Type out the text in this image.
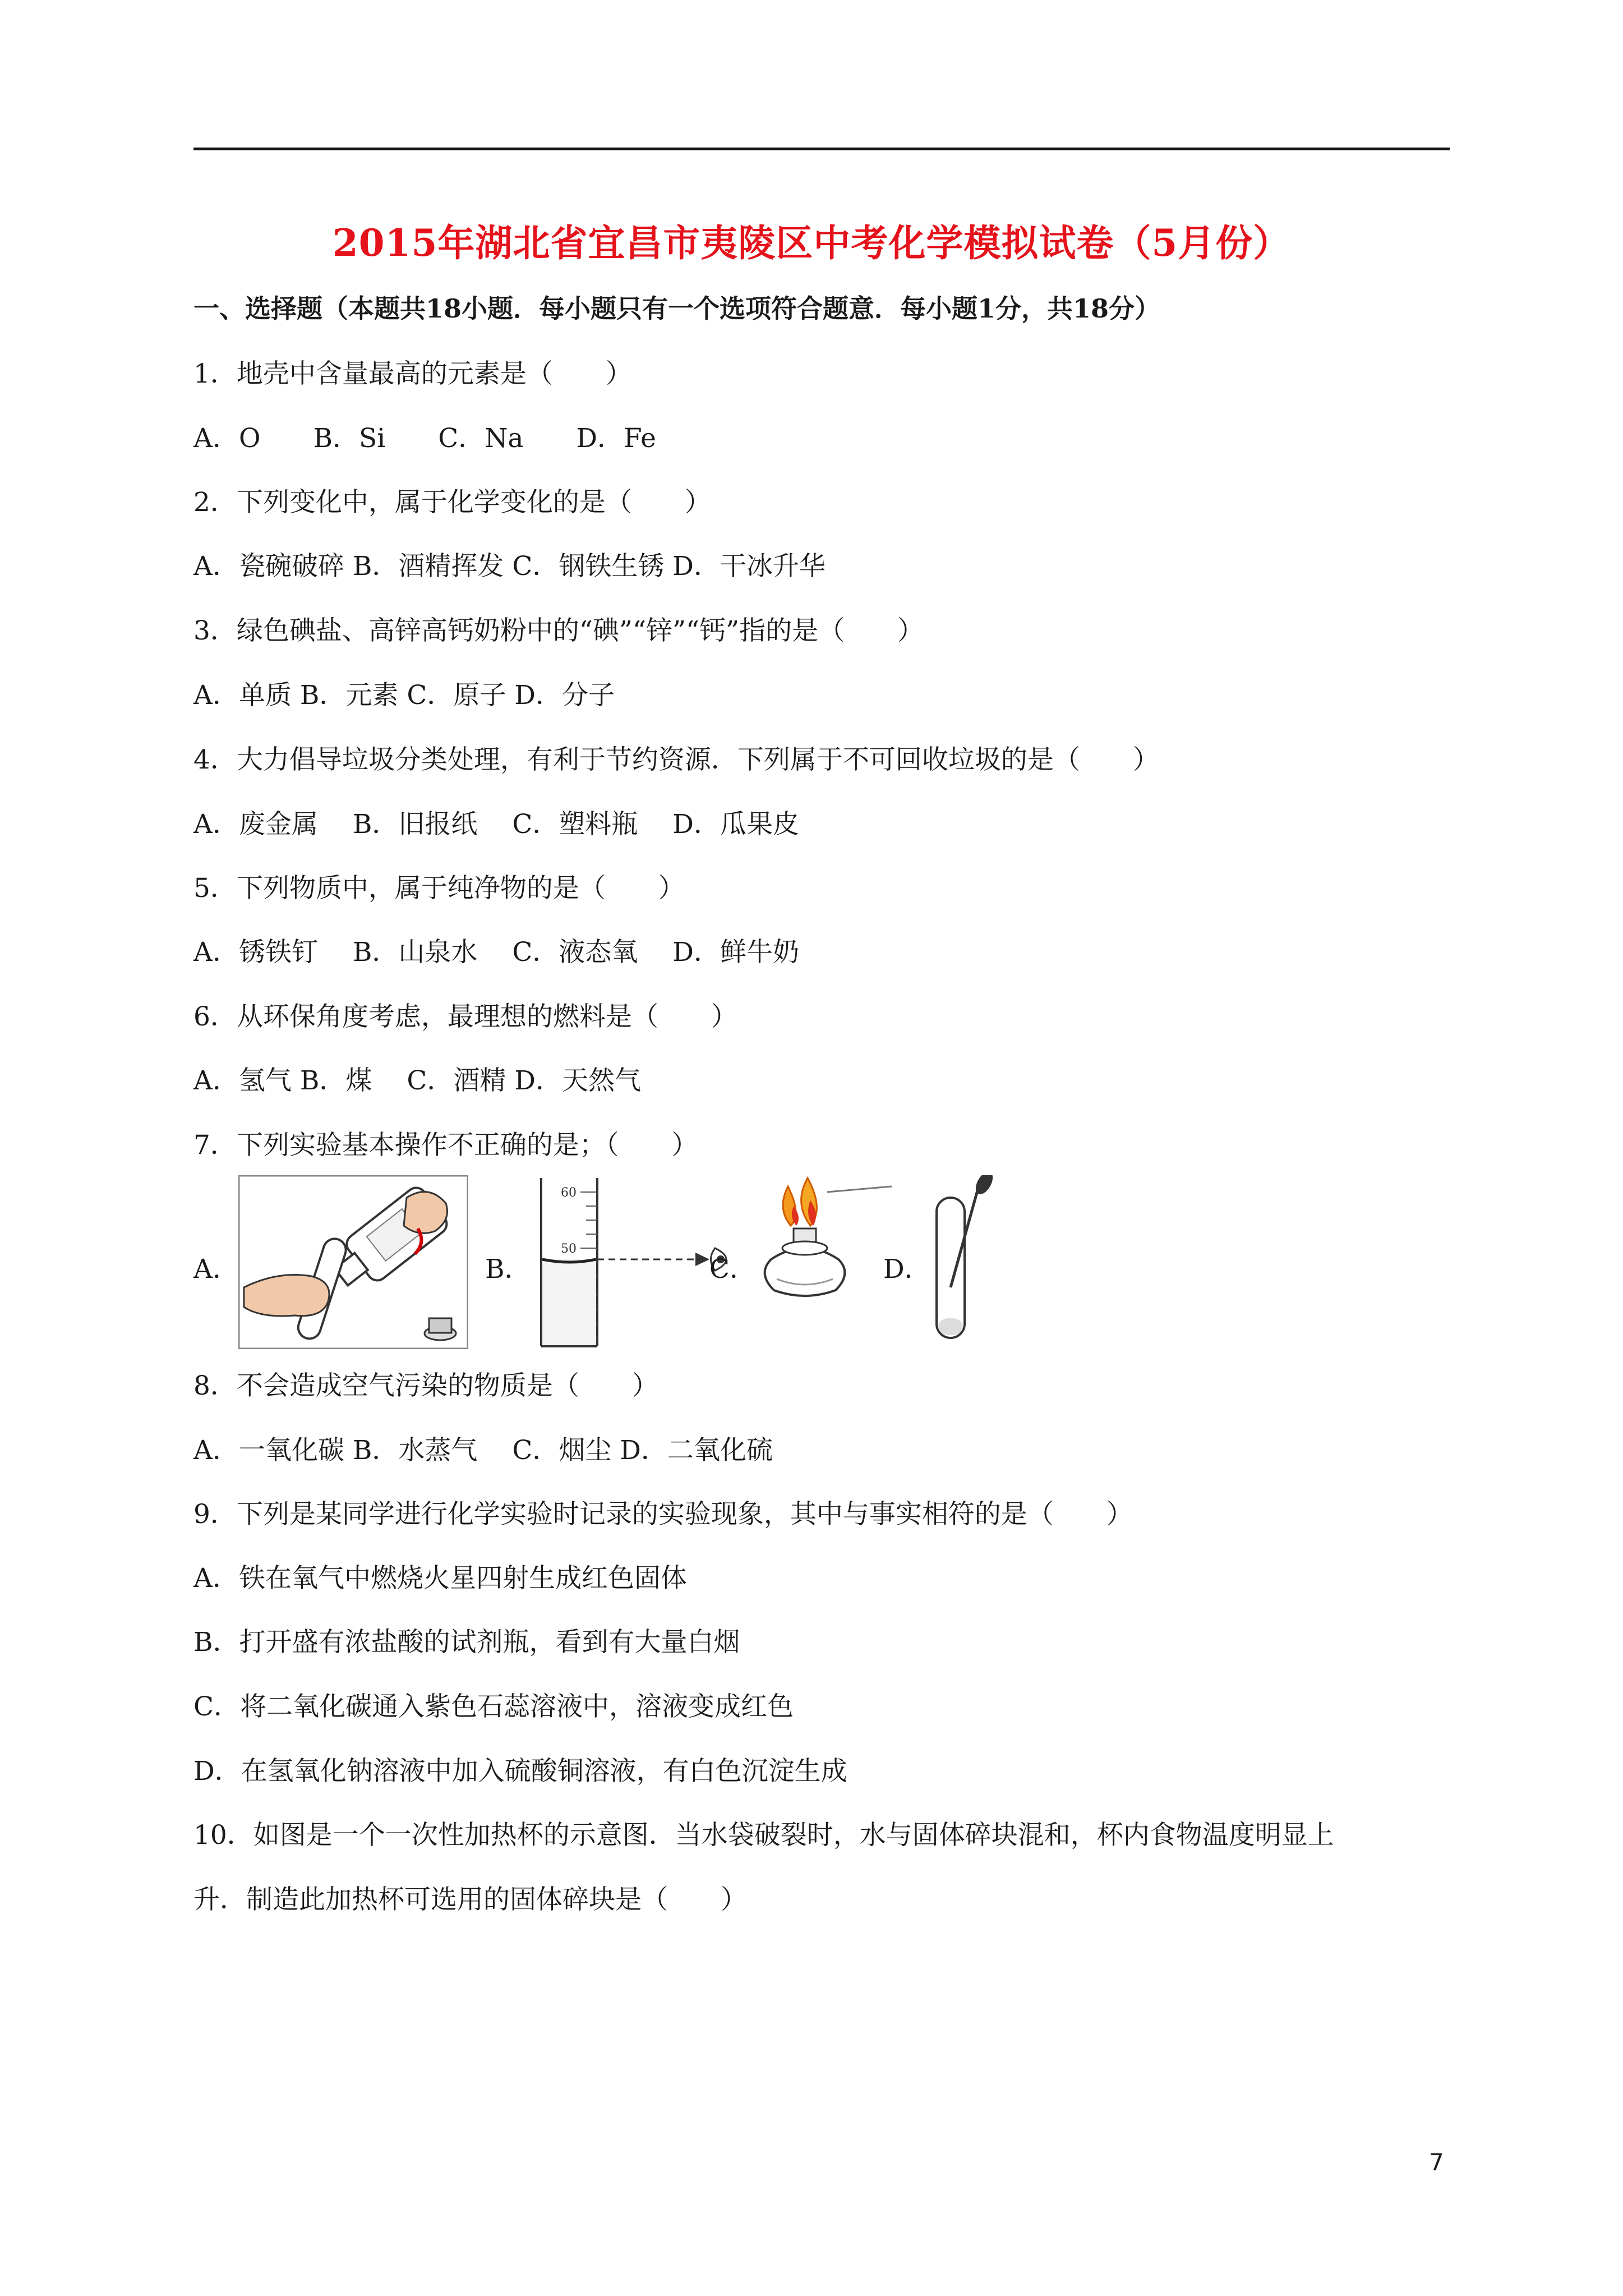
2015年湖北省宜昌市夷陵区中考化学模拟试卷（5月份）
一、选择题（本题共18小题．每小题只有一个选项符合题意．每小题1分，共18分）
1．地壳中含量最高的元素是（　　）
A．O　　B．Si　　C．Na　　D．Fe
2．下列变化中，属于化学变化的是（　　）
A．瓷碗破碎 B．酒精挥发 C．钢铁生锈 D．干冰升华
3．绿色碘盐、高锌高钙奶粉中的“碘”“锌”“钙”指的是（　　）
A．单质 B．元素 C．原子 D．分子
4．大力倡导垃圾分类处理，有利于节约资源．下列属于不可回收垃圾的是（　　）
A．废金属　 B．旧报纸　 C．塑料瓶　 D．瓜果皮
5．下列物质中，属于纯净物的是（　　）
A．锈铁钉　 B．山泉水　 C．液态氧　 D．鲜牛奶
6．从环保角度考虑，最理想的燃料是（　　）
A．氢气 B．煤　 C．酒精 D．天然气
7．下列实验基本操作不正确的是；（　　）
A．	B．
60
50
C．	D．
8．不会造成空气污染的物质是（　　）
A．一氧化碳 B．水蒸气　 C．烟尘 D．二氧化硫
9．下列是某同学进行化学实验时记录的实验现象，其中与事实相符的是（　　）
A．铁在氧气中燃烧火星四射生成红色固体
B．打开盛有浓盐酸的试剂瓶，看到有大量白烟
C．将二氧化碳通入紫色石蕊溶液中，溶液变成红色
D．在氢氧化钠溶液中加入硫酸铜溶液，有白色沉淀生成
10．如图是一个一次性加热杯的示意图．当水袋破裂时，水与固体碎块混和，杯内食物温度明显上
升．制造此加热杯可选用的固体碎块是（　　）
7
